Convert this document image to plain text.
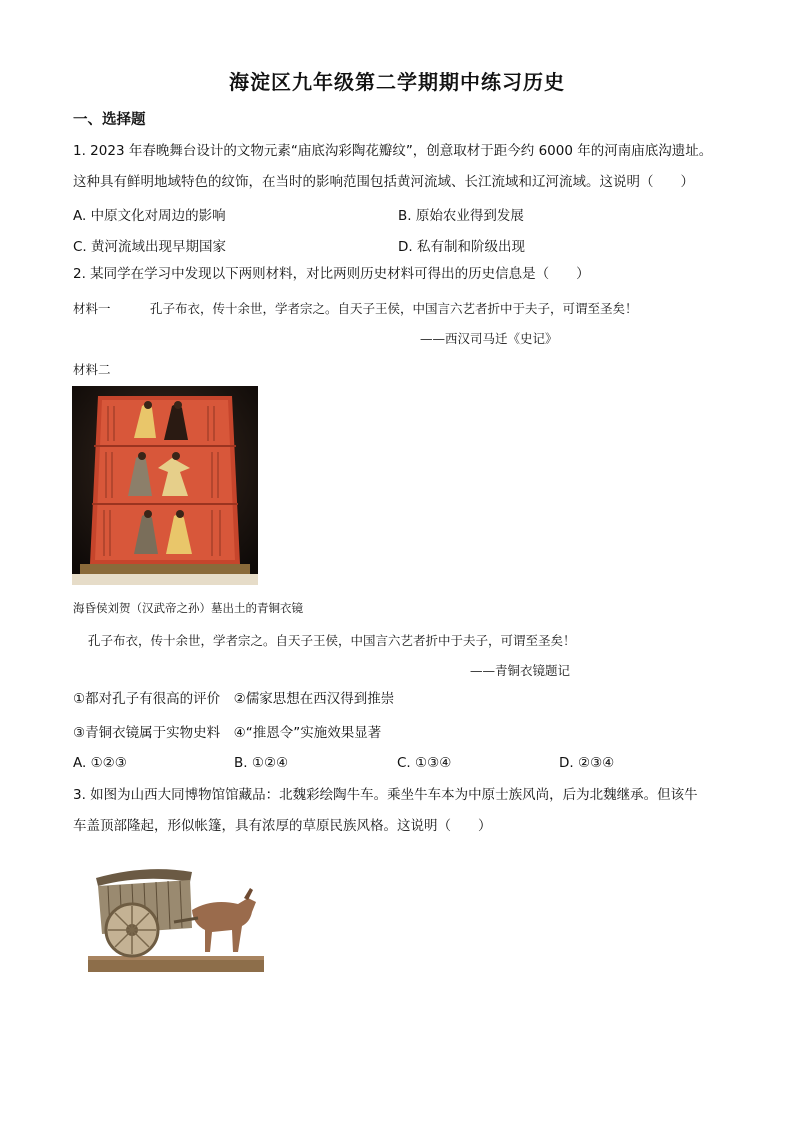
海淀区九年级第二学期期中练习历史
一、选择题
1. 2023 年春晚舞台设计的文物元素“庙底沟彩陶花瓣纹”，创意取材于距今约 6000 年的河南庙底沟遗址。
这种具有鲜明地域特色的纹饰，在当时的影响范围包括黄河流域、长江流域和辽河流域。这说明（　　）
A. 中原文化对周边的影响	B. 原始农业得到发展
C. 黄河流域出现早期国家	D. 私有制和阶级出现
2. 某同学在学习中发现以下两则材料，对比两则历史材料可得出的历史信息是（　　）
材料一	孔子布衣，传十余世，学者宗之。自天子王侯，中国言六艺者折中于夫子，可谓至圣矣！
——西汉司马迁《史记》
材料二
海昏侯刘贺（汉武帝之孙）墓出土的青铜衣镜
孔子布衣，传十余世，学者宗之。自天子王侯，中国言六艺者折中于夫子，可谓至圣矣！
——青铜衣镜题记
①都对孔子有很高的评价　②儒家思想在西汉得到推崇
③青铜衣镜属于实物史料　④“推恩令”实施效果显著
A. ①②③	B. ①②④	C. ①③④	D. ②③④
3. 如图为山西大同博物馆馆藏品：北魏彩绘陶牛车。乘坐牛车本为中原士族风尚，后为北魏继承。但该牛
车盖顶部隆起，形似帐篷，具有浓厚的草原民族风格。这说明（　　）
